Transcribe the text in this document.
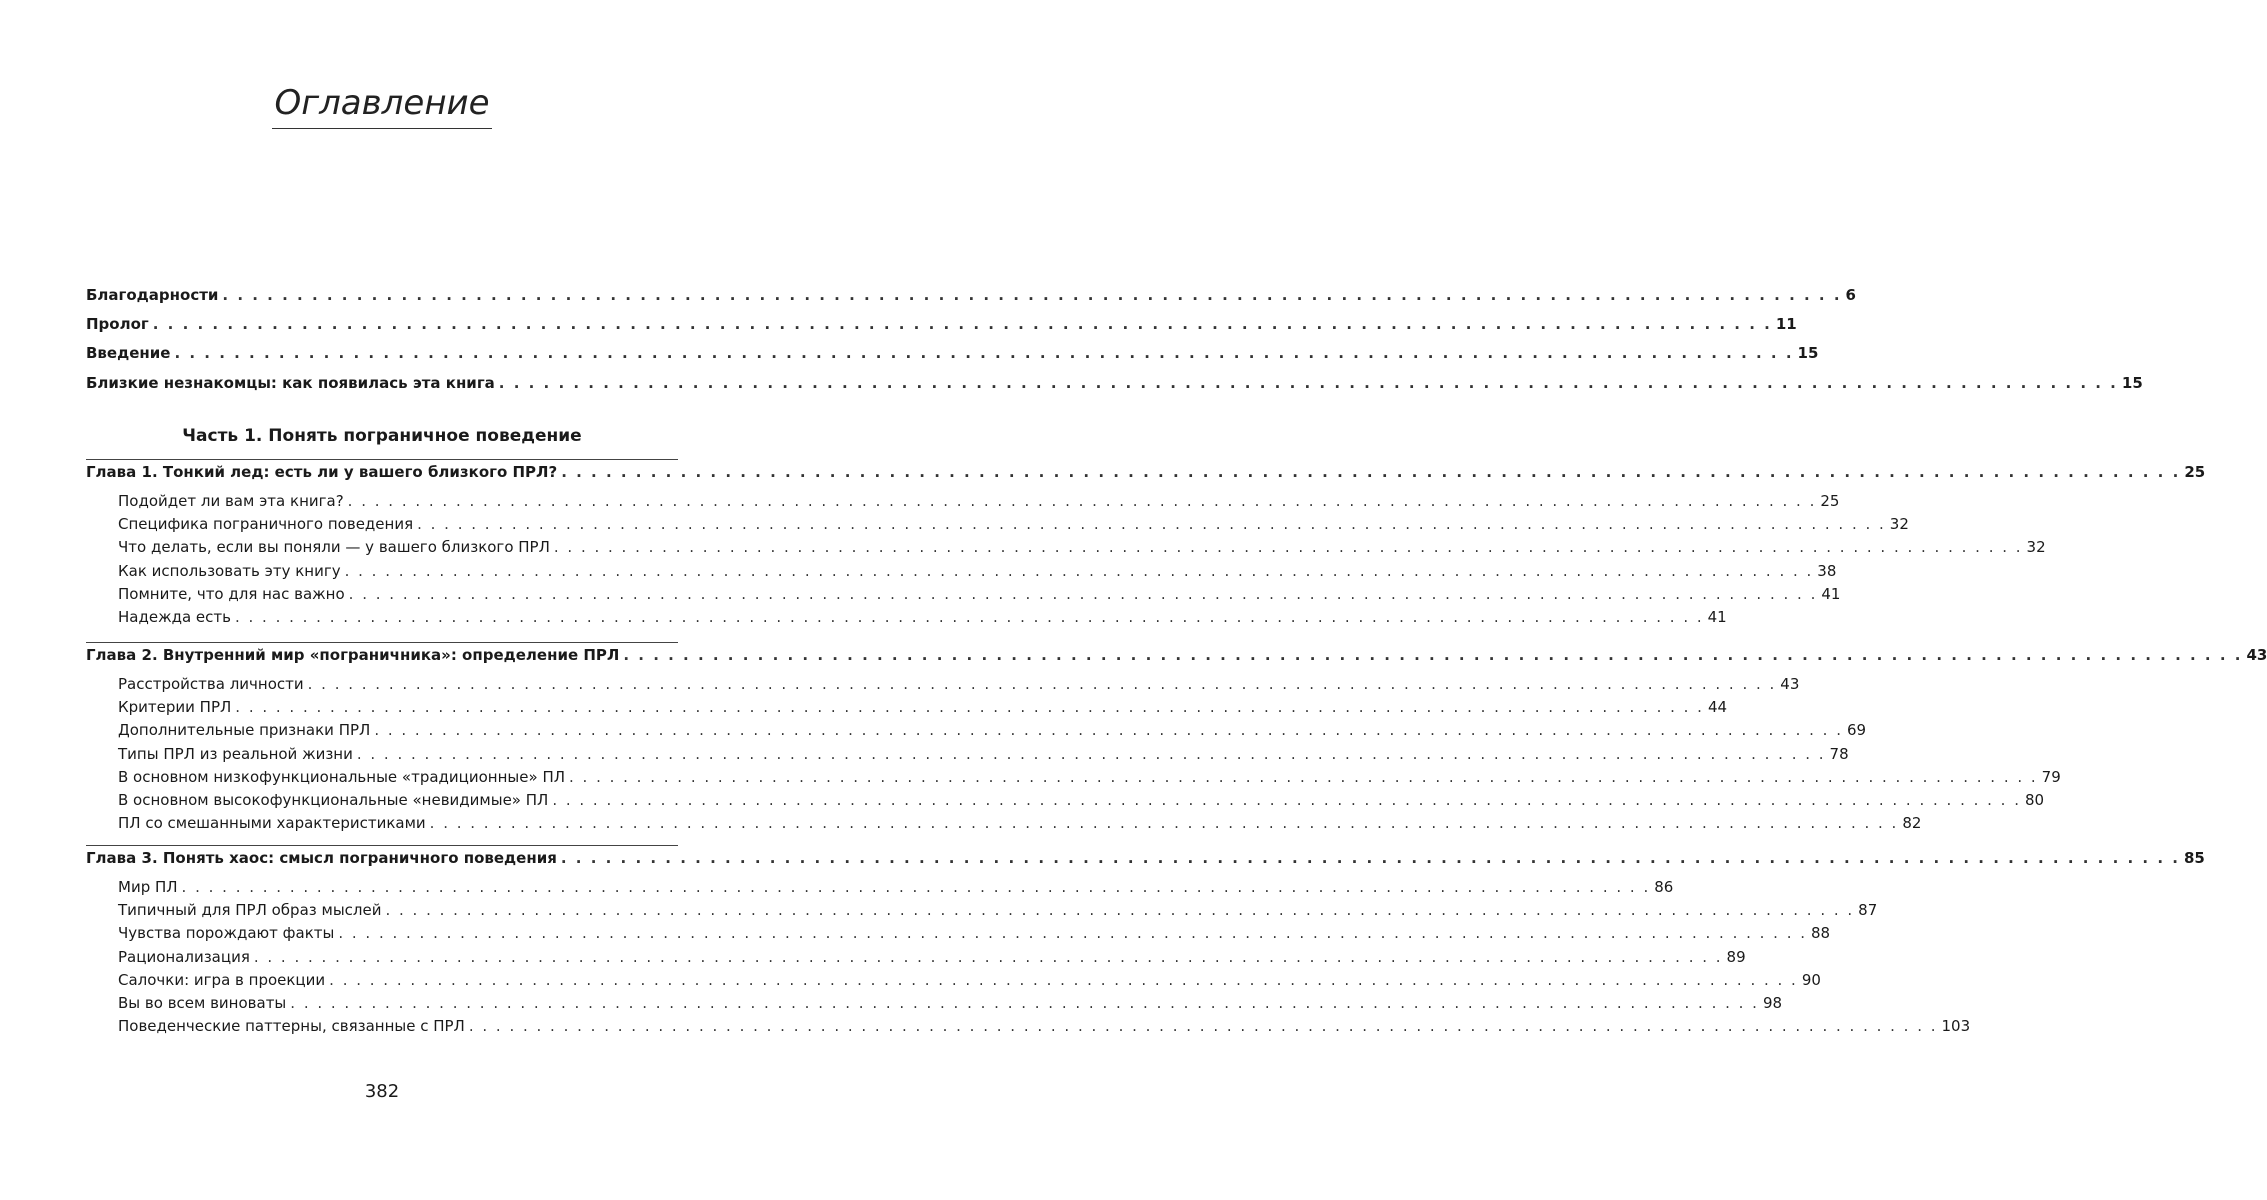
Оглавление
Часть 1. Понять пограничное поведение
Благодарности . . . . . . . . . . . . . . . . . . . . . . . . . . . . . . . . . . . . . . . . . . . . . . . . . . . . . . . . . . . . . . . . . . . . . . . . . . . . . . . . . . . . . . . . . . . . . . . . . . . . . . . . . . . . . 6
Пролог . . . . . . . . . . . . . . . . . . . . . . . . . . . . . . . . . . . . . . . . . . . . . . . . . . . . . . . . . . . . . . . . . . . . . . . . . . . . . . . . . . . . . . . . . . . . . . . . . . . . . . . . . . . . . 11
Введение . . . . . . . . . . . . . . . . . . . . . . . . . . . . . . . . . . . . . . . . . . . . . . . . . . . . . . . . . . . . . . . . . . . . . . . . . . . . . . . . . . . . . . . . . . . . . . . . . . . . . . . . . . . . . 15
Близкие незнакомцы: как появилась эта книга . . . . . . . . . . . . . . . . . . . . . . . . . . . . . . . . . . . . . . . . . . . . . . . . . . . . . . . . . . . . . . . . . . . . . . . . . . . . . . . . . . . . . . . . . . . . . . . . . . . . . . . . . . . . . 15
Глава 1. Тонкий лед: есть ли у вашего близкого ПРЛ? . . . . . . . . . . . . . . . . . . . . . . . . . . . . . . . . . . . . . . . . . . . . . . . . . . . . . . . . . . . . . . . . . . . . . . . . . . . . . . . . . . . . . . . . . . . . . . . . . . . . . . . . . . . . . 25
Подойдет ли вам эта книга? . . . . . . . . . . . . . . . . . . . . . . . . . . . . . . . . . . . . . . . . . . . . . . . . . . . . . . . . . . . . . . . . . . . . . . . . . . . . . . . . . . . . . . . . . . . . . . . . . . . . . . . . . . . . . 25
Специфика пограничного поведения . . . . . . . . . . . . . . . . . . . . . . . . . . . . . . . . . . . . . . . . . . . . . . . . . . . . . . . . . . . . . . . . . . . . . . . . . . . . . . . . . . . . . . . . . . . . . . . . . . . . . . . . . . . . . 32
Что делать, если вы поняли — у вашего близкого ПРЛ . . . . . . . . . . . . . . . . . . . . . . . . . . . . . . . . . . . . . . . . . . . . . . . . . . . . . . . . . . . . . . . . . . . . . . . . . . . . . . . . . . . . . . . . . . . . . . . . . . . . . . . . . . . . . 32
Как использовать эту книгу . . . . . . . . . . . . . . . . . . . . . . . . . . . . . . . . . . . . . . . . . . . . . . . . . . . . . . . . . . . . . . . . . . . . . . . . . . . . . . . . . . . . . . . . . . . . . . . . . . . . . . . . . . . . . 38
Помните, что для нас важно . . . . . . . . . . . . . . . . . . . . . . . . . . . . . . . . . . . . . . . . . . . . . . . . . . . . . . . . . . . . . . . . . . . . . . . . . . . . . . . . . . . . . . . . . . . . . . . . . . . . . . . . . . . . . 41
Надежда есть . . . . . . . . . . . . . . . . . . . . . . . . . . . . . . . . . . . . . . . . . . . . . . . . . . . . . . . . . . . . . . . . . . . . . . . . . . . . . . . . . . . . . . . . . . . . . . . . . . . . . . . . . . . . . 41
Глава 2. Внутренний мир «пограничника»: определение ПРЛ . . . . . . . . . . . . . . . . . . . . . . . . . . . . . . . . . . . . . . . . . . . . . . . . . . . . . . . . . . . . . . . . . . . . . . . . . . . . . . . . . . . . . . . . . . . . . . . . . . . . . . . . . . . . . 43
Расстройства личности . . . . . . . . . . . . . . . . . . . . . . . . . . . . . . . . . . . . . . . . . . . . . . . . . . . . . . . . . . . . . . . . . . . . . . . . . . . . . . . . . . . . . . . . . . . . . . . . . . . . . . . . . . . . . 43
Критерии ПРЛ . . . . . . . . . . . . . . . . . . . . . . . . . . . . . . . . . . . . . . . . . . . . . . . . . . . . . . . . . . . . . . . . . . . . . . . . . . . . . . . . . . . . . . . . . . . . . . . . . . . . . . . . . . . . . 44
Дополнительные признаки ПРЛ . . . . . . . . . . . . . . . . . . . . . . . . . . . . . . . . . . . . . . . . . . . . . . . . . . . . . . . . . . . . . . . . . . . . . . . . . . . . . . . . . . . . . . . . . . . . . . . . . . . . . . . . . . . . . 69
Типы ПРЛ из реальной жизни . . . . . . . . . . . . . . . . . . . . . . . . . . . . . . . . . . . . . . . . . . . . . . . . . . . . . . . . . . . . . . . . . . . . . . . . . . . . . . . . . . . . . . . . . . . . . . . . . . . . . . . . . . . . . 78
В основном низкофункциональные «традиционные» ПЛ . . . . . . . . . . . . . . . . . . . . . . . . . . . . . . . . . . . . . . . . . . . . . . . . . . . . . . . . . . . . . . . . . . . . . . . . . . . . . . . . . . . . . . . . . . . . . . . . . . . . . . . . . . . . . 79
В основном высокофункциональные «невидимые» ПЛ . . . . . . . . . . . . . . . . . . . . . . . . . . . . . . . . . . . . . . . . . . . . . . . . . . . . . . . . . . . . . . . . . . . . . . . . . . . . . . . . . . . . . . . . . . . . . . . . . . . . . . . . . . . . . 80
ПЛ со смешанными характеристиками . . . . . . . . . . . . . . . . . . . . . . . . . . . . . . . . . . . . . . . . . . . . . . . . . . . . . . . . . . . . . . . . . . . . . . . . . . . . . . . . . . . . . . . . . . . . . . . . . . . . . . . . . . . . . 82
Глава 3. Понять хаос: смысл пограничного поведения . . . . . . . . . . . . . . . . . . . . . . . . . . . . . . . . . . . . . . . . . . . . . . . . . . . . . . . . . . . . . . . . . . . . . . . . . . . . . . . . . . . . . . . . . . . . . . . . . . . . . . . . . . . . . 85
Мир ПЛ . . . . . . . . . . . . . . . . . . . . . . . . . . . . . . . . . . . . . . . . . . . . . . . . . . . . . . . . . . . . . . . . . . . . . . . . . . . . . . . . . . . . . . . . . . . . . . . . . . . . . . . . . . . . . 86
Типичный для ПРЛ образ мыслей . . . . . . . . . . . . . . . . . . . . . . . . . . . . . . . . . . . . . . . . . . . . . . . . . . . . . . . . . . . . . . . . . . . . . . . . . . . . . . . . . . . . . . . . . . . . . . . . . . . . . . . . . . . . . 87
Чувства порождают факты . . . . . . . . . . . . . . . . . . . . . . . . . . . . . . . . . . . . . . . . . . . . . . . . . . . . . . . . . . . . . . . . . . . . . . . . . . . . . . . . . . . . . . . . . . . . . . . . . . . . . . . . . . . . . 88
Рационализация . . . . . . . . . . . . . . . . . . . . . . . . . . . . . . . . . . . . . . . . . . . . . . . . . . . . . . . . . . . . . . . . . . . . . . . . . . . . . . . . . . . . . . . . . . . . . . . . . . . . . . . . . . . . . 89
Салочки: игра в проекции . . . . . . . . . . . . . . . . . . . . . . . . . . . . . . . . . . . . . . . . . . . . . . . . . . . . . . . . . . . . . . . . . . . . . . . . . . . . . . . . . . . . . . . . . . . . . . . . . . . . . . . . . . . . . 90
Вы во всем виноваты . . . . . . . . . . . . . . . . . . . . . . . . . . . . . . . . . . . . . . . . . . . . . . . . . . . . . . . . . . . . . . . . . . . . . . . . . . . . . . . . . . . . . . . . . . . . . . . . . . . . . . . . . . . . . 98
Поведенческие паттерны, связанные с ПРЛ . . . . . . . . . . . . . . . . . . . . . . . . . . . . . . . . . . . . . . . . . . . . . . . . . . . . . . . . . . . . . . . . . . . . . . . . . . . . . . . . . . . . . . . . . . . . . . . . . . . . . . . . . . . . . 103
382
